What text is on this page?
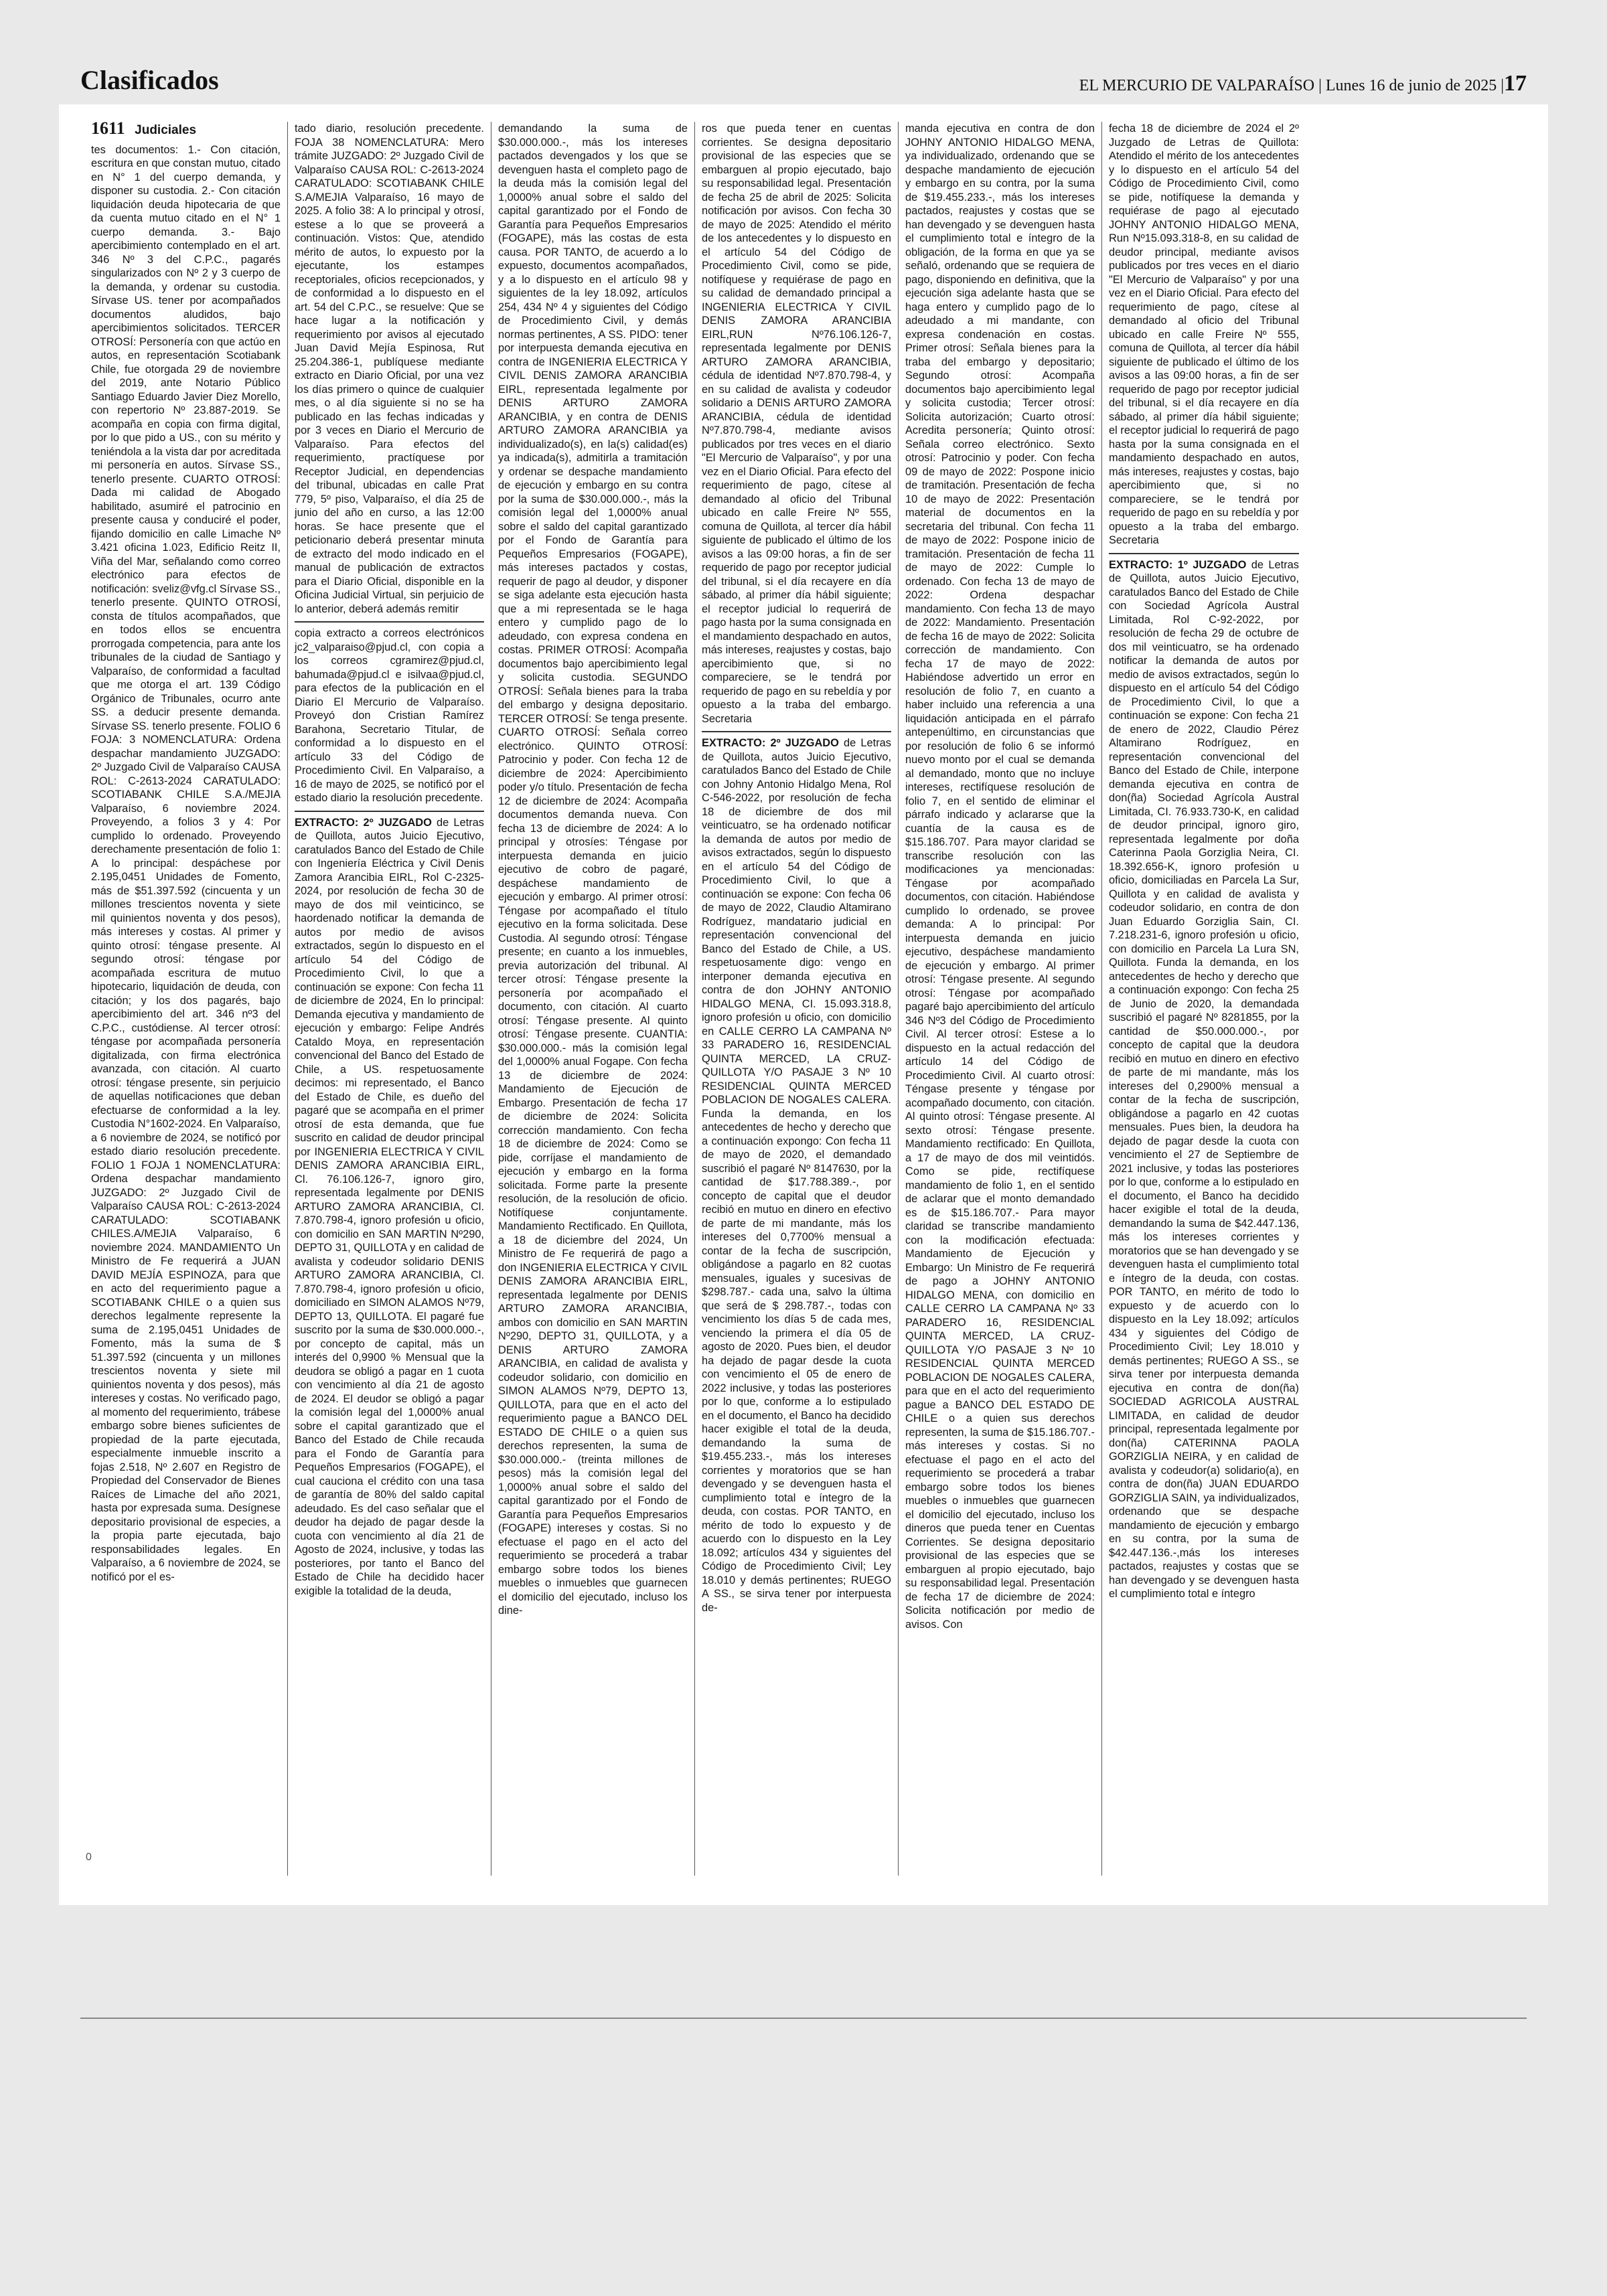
Clasificados	EL MERCURIO DE VALPARAÍSO | Lunes 16 de junio de 2025 |17
1611 Judiciales

tes documentos: 1.- Con citación, escritura en que constan mutuo, citado en N° 1 del cuerpo demanda, y disponer su custodia. 2.- Con citación liquidación deuda hipotecaria de que da cuenta mutuo citado en el N° 1 cuerpo demanda. 3.- Bajo apercibimiento contemplado en el art. 346 Nº 3 del C.P.C., pagarés singularizados con Nº 2 y 3 cuerpo de la demanda, y ordenar su custodia. Sírvase US. tener por acompañados documentos aludidos, bajo apercibimientos solicitados. TERCER OTROSÍ: Personería con que actúo en autos, en representación Scotiabank Chile, fue otorgada 29 de noviembre del 2019, ante Notario Público Santiago Eduardo Javier Diez Morello, con repertorio Nº 23.887-2019. Se acompaña en copia con firma digital, por lo que pido a US., con su mérito y teniéndola a la vista dar por acreditada mi personería en autos. Sírvase SS., tenerlo presente. CUARTO OTROSÍ: Dada mi calidad de Abogado habilitado, asumiré el patrocinio en presente causa y conduciré el poder, fijando domicilio en calle Limache Nº 3.421 oficina 1.023, Edificio Reitz II, Viña del Mar, señalando como correo electrónico para efectos de notificación: sveliz@vfg.cl Sírvase SS., tenerlo presente. QUINTO OTROSÍ, consta de títulos acompañados, que en todos ellos se encuentra prorrogada competencia, para ante los tribunales de la ciudad de Santiago y Valparaíso, de conformidad a facultad que me otorga el art. 139 Código Orgánico de Tribunales, ocurro ante SS. a deducir presente demanda. Sírvase SS. tenerlo presente. FOLIO 6 FOJA: 3 NOMENCLATURA: Ordena despachar mandamiento JUZGADO: 2º Juzgado Civil de Valparaíso CAUSA ROL: C-2613-2024 CARATULADO: SCOTIABANK CHILE S.A./MEJIA Valparaíso, 6 noviembre 2024. Proveyendo, a folios 3 y 4: Por cumplido lo ordenado. Proveyendo derechamente presentación de folio 1: A lo principal: despáchese por 2.195,0451 Unidades de Fomento, más de $51.397.592 (cincuenta y un millones trescientos noventa y siete mil quinientos noventa y dos pesos), más intereses y costas. Al primer y quinto otrosí: téngase presente. Al segundo otrosí: téngase por acompañada escritura de mutuo hipotecario, liquidación de deuda, con citación; y los dos pagarés, bajo apercibimiento del art. 346 nº3 del C.P.C., custódiense. Al tercer otrosí: téngase por acompañada personería digitalizada, con firma electrónica avanzada, con citación. Al cuarto otrosí: téngase presente, sin perjuicio de aquellas notificaciones que deban efectuarse de conformidad a la ley. Custodia N°1602-2024. En Valparaíso, a 6 noviembre de 2024, se notificó por estado diario resolución precedente. FOLIO 1 FOJA 1 NOMENCLATURA: Ordena despachar mandamiento JUZGADO: 2º Juzgado Civil de Valparaíso CAUSA ROL: C-2613-2024 CARATULADO: SCOTIABANK CHILES.A/MEJIA Valparaíso, 6 noviembre 2024. MANDAMIENTO Un Ministro de Fe requerirá a JUAN DAVID MEJÍA ESPINOZA, para que en acto del requerimiento pague a SCOTIABANK CHILE o a quien sus derechos legalmente represente la suma de 2.195,0451 Unidades de Fomento, más la suma de $ 51.397.592 (cincuenta y un millones trescientos noventa y siete mil quinientos noventa y dos pesos), más intereses y costas. No verificado pago, al momento del requerimiento, trábese embargo sobre bienes suficientes de propiedad de la parte ejecutada, especialmente inmueble inscrito a fojas 2.518, Nº 2.607 en Registro de Propiedad del Conservador de Bienes Raíces de Limache del año 2021, hasta por expresada suma. Desígnese depositario provisional de especies, a la propia parte ejecutada, bajo responsabilidades legales. En Valparaíso, a 6 noviembre de 2024, se notificó por el es-

tado diario, resolución precedente. FOJA 38 NOMENCLATURA: Mero trámite JUZGADO: 2º Juzgado Civil de Valparaíso CAUSA ROL: C-2613-2024 CARATULADO: SCOTIABANK CHILE S.A/MEJIA Valparaíso, 16 mayo de 2025. A folio 38: A lo principal y otrosí, estese a lo que se proveerá a continuación. Vistos: Que, atendido mérito de autos, lo expuesto por la ejecutante, los estampes receptoriales, oficios recepcionados, y de conformidad a lo dispuesto en el art. 54 del C.P.C., se resuelve: Que se hace lugar a la notificación y requerimiento por avisos al ejecutado Juan David Mejía Espinosa, Rut 25.204.386-1, publíquese mediante extracto en Diario Oficial, por una vez los días primero o quince de cualquier mes, o al día siguiente si no se ha publicado en las fechas indicadas y por 3 veces en Diario el Mercurio de Valparaíso. Para efectos del requerimiento, practíquese por Receptor Judicial, en dependencias del tribunal, ubicadas en calle Prat 779, 5º piso, Valparaíso, el día 25 de junio del año en curso, a las 12:00 horas. Se hace presente que el peticionario deberá presentar minuta de extracto del modo indicado en el manual de publicación de extractos para el Diario Oficial, disponible en la Oficina Judicial Virtual, sin perjuicio de lo anterior, deberá además remitir

copia extracto a correos electrónicos jc2_valparaiso@pjud.cl, con copia a los correos cgramirez@pjud.cl, bahumada@pjud.cl e isilvaa@pjud.cl, para efectos de la publicación en el Diario El Mercurio de Valparaíso. Proveyó don Cristian Ramírez Barahona, Secretario Titular, de conformidad a lo dispuesto en el artículo 33 del Código de Procedimiento Civil. En Valparaíso, a 16 de mayo de 2025, se notificó por el estado diario la resolución precedente.

EXTRACTO: 2º JUZGADO de Letras de Quillota, autos Juicio Ejecutivo, caratulados Banco del Estado de Chile con Ingeniería Eléctrica y Civil Denis Zamora Arancibia EIRL, Rol C-2325-2024, por resolución de fecha 30 de mayo de dos mil veinticinco, se haordenado notificar la demanda de autos por medio de avisos extractados, según lo dispuesto en el artículo 54 del Código de Procedimiento Civil, lo que a continuación se expone: Con fecha 11 de diciembre de 2024, En lo principal: Demanda ejecutiva y mandamiento de ejecución y embargo: Felipe Andrés Cataldo Moya, en representación convencional del Banco del Estado de Chile, a US. respetuosamente decimos: mi representado, el Banco del Estado de Chile, es dueño del pagaré que se acompaña en el primer otrosí de esta demanda, que fue suscrito en calidad de deudor principal por INGENIERIA ELECTRICA Y CIVIL DENIS ZAMORA ARANCIBIA EIRL, Cl. 76.106.126-7, ignoro giro, representada legalmente por DENIS ARTURO ZAMORA ARANCIBIA, Cl. 7.870.798-4, ignoro profesión u oficio, con domicilio en SAN MARTIN Nº290, DEPTO 31, QUILLOTA y en calidad de avalista y codeudor solidario DENIS ARTURO ZAMORA ARANCIBIA, Cl. 7.870.798-4, ignoro profesión u oficio, domiciliado en SIMON ALAMOS Nº79, DEPTO 13, QUILLOTA. El pagaré fue suscrito por la suma de $30.000.000.-, por concepto de capital, más un interés del 0,9900 % Mensual que la deudora se obligó a pagar en 1 cuota con vencimiento al día 21 de agosto de 2024. El deudor se obligó a pagar la comisión legal del 1,0000% anual sobre el capital garantizado que el Banco del Estado de Chile recauda para el Fondo de Garantía para Pequeños Empresarios (FOGAPE), el cual cauciona el crédito con una tasa de garantía de 80% del saldo capital adeudado. Es del caso señalar que el deudor ha dejado de pagar desde la cuota con vencimiento al día 21 de Agosto de 2024, inclusive, y todas las posteriores, por tanto el Banco del Estado de Chile ha decidido hacer exigible la totalidad de la deuda,

demandando la suma de $30.000.000.-, más los intereses pactados devengados y los que se devenguen hasta el completo pago de la deuda más la comisión legal del 1,0000% anual sobre el saldo del capital garantizado por el Fondo de Garantía para Pequeños Empresarios (FOGAPE), más las costas de esta causa. POR TANTO, de acuerdo a lo expuesto, documentos acompañados, y a lo dispuesto en el artículo 98 y siguientes de la ley 18.092, artículos 254, 434 Nº 4 y siguientes del Código de Procedimiento Civil, y demás normas pertinentes, A SS. PIDO: tener por interpuesta demanda ejecutiva en contra de INGENIERIA ELECTRICA Y CIVIL DENIS ZAMORA ARANCIBIA EIRL, representada legalmente por DENIS ARTURO ZAMORA ARANCIBIA, y en contra de DENIS ARTURO ZAMORA ARANCIBIA ya individualizado(s), en la(s) calidad(es) ya indicada(s), admitirla a tramitación y ordenar se despache mandamiento de ejecución y embargo en su contra por la suma de $30.000.000.-, más la comisión legal del 1,0000% anual sobre el saldo del capital garantizado por el Fondo de Garantía para Pequeños Empresarios (FOGAPE), más intereses pactados y costas, requerir de pago al deudor, y disponer se siga adelante esta ejecución hasta que a mi representada se le haga entero y cumplido pago de lo adeudado, con expresa condena en costas. PRIMER OTROSÍ: Acompaña documentos bajo apercibimiento legal y solicita custodia. SEGUNDO OTROSÍ: Señala bienes para la traba del embargo y designa depositario. TERCER OTROSÍ: Se tenga presente. CUARTO OTROSÍ: Señala correo electrónico. QUINTO OTROSÍ: Patrocinio y poder. Con fecha 12 de diciembre de 2024: Apercibimiento poder y/o título. Presentación de fecha 12 de diciembre de 2024: Acompaña documentos demanda nueva. Con fecha 13 de diciembre de 2024: A lo principal y otrosíes: Téngase por interpuesta demanda en juicio ejecutivo de cobro de pagaré, despáchese mandamiento de ejecución y embargo. Al primer otrosí: Téngase por acompañado el título ejecutivo en la forma solicitada. Dese Custodia. Al segundo otrosí: Téngase presente; en cuanto a los inmuebles, previa autorización del tribunal. Al tercer otrosí: Téngase presente la personería por acompañado el documento, con citación. Al cuarto otrosí: Téngase presente. Al quinto otrosí: Téngase presente. CUANTIA: $30.000.000.- más la comisión legal del 1,0000% anual Fogape. Con fecha 13 de diciembre de 2024: Mandamiento de Ejecución de Embargo. Presentación de fecha 17 de diciembre de 2024: Solicita corrección mandamiento. Con fecha 18 de diciembre de 2024: Como se pide, corríjase el mandamiento de ejecución y embargo en la forma solicitada. Forme parte la presente resolución, de la resolución de oficio. Notifíquese conjuntamente. Mandamiento Rectificado. En Quillota, a 18 de diciembre del 2024, Un Ministro de Fe requerirá de pago a don INGENIERIA ELECTRICA Y CIVIL DENIS ZAMORA ARANCIBIA EIRL, representada legalmente por DENIS ARTURO ZAMORA ARANCIBIA, ambos con domicilio en SAN MARTIN Nº290, DEPTO 31, QUILLOTA, y a DENIS ARTURO ZAMORA ARANCIBIA, en calidad de avalista y codeudor solidario, con domicilio en SIMON ALAMOS Nº79, DEPTO 13, QUILLOTA, para que en el acto del requerimiento pague a BANCO DEL ESTADO DE CHILE o a quien sus derechos representen, la suma de $30.000.000.- (treinta millones de pesos) más la comisión legal del 1,0000% anual sobre el saldo del capital garantizado por el Fondo de Garantía para Pequeños Empresarios (FOGAPE) intereses y costas. Si no efectuase el pago en el acto del requerimiento se procederá a trabar embargo sobre todos los bienes muebles o inmuebles que guarnecen el domicilio del ejecutado, incluso los dine-

ros que pueda tener en cuentas corrientes. Se designa depositario provisional de las especies que se embarguen al propio ejecutado, bajo su responsabilidad legal. Presentación de fecha 25 de abril de 2025: Solicita notificación por avisos. Con fecha 30 de mayo de 2025: Atendido el mérito de los antecedentes y lo dispuesto en el artículo 54 del Código de Procedimiento Civil, como se pide, notifíquese y requiérase de pago en su calidad de demandado principal a INGENIERIA ELECTRICA Y CIVIL DENIS ZAMORA ARANCIBIA EIRL,RUN Nº76.106.126-7, representada legalmente por DENIS ARTURO ZAMORA ARANCIBIA, cédula de identidad Nº7.870.798-4, y en su calidad de avalista y codeudor solidario a DENIS ARTURO ZAMORA ARANCIBIA, cédula de identidad Nº7.870.798-4, mediante avisos publicados por tres veces en el diario "El Mercurio de Valparaíso", y por una vez en el Diario Oficial. Para efecto del requerimiento de pago, cítese al demandado al oficio del Tribunal ubicado en calle Freire Nº 555, comuna de Quillota, al tercer día hábil siguiente de publicado el último de los avisos a las 09:00 horas, a fin de ser requerido de pago por receptor judicial del tribunal, si el día recayere en día sábado, al primer día hábil siguiente; el receptor judicial lo requerirá de pago hasta por la suma consignada en el mandamiento despachado en autos, más intereses, reajustes y costas, bajo apercibimiento que, si no compareciere, se le tendrá por requerido de pago en su rebeldía y por opuesto a la traba del embargo. Secretaria

EXTRACTO: 2º JUZGADO de Letras de Quillota, autos Juicio Ejecutivo, caratulados Banco del Estado de Chile con Johny Antonio Hidalgo Mena, Rol C-546-2022, por resolución de fecha 18 de diciembre de dos mil veinticuatro, se ha ordenado notificar la demanda de autos por medio de avisos extractados, según lo dispuesto en el artículo 54 del Código de Procedimiento Civil, lo que a continuación se expone: Con fecha 06 de mayo de 2022, Claudio Altamirano Rodríguez, mandatario judicial en representación convencional del Banco del Estado de Chile, a US. respetuosamente digo: vengo en interponer demanda ejecutiva en contra de don JOHNY ANTONIO HIDALGO MENA, CI. 15.093.318.8, ignoro profesión u oficio, con domicilio en CALLE CERRO LA CAMPANA Nº 33 PARADERO 16, RESIDENCIAL QUINTA MERCED, LA CRUZ- QUILLOTA Y/O PASAJE 3 Nº 10 RESIDENCIAL QUINTA MERCED POBLACION DE NOGALES CALERA. Funda la demanda, en los antecedentes de hecho y derecho que a continuación expongo: Con fecha 11 de mayo de 2020, el demandado suscribió el pagaré Nº 8147630, por la cantidad de $17.788.389.-, por concepto de capital que el deudor recibió en mutuo en dinero en efectivo de parte de mi mandante, más los intereses del 0,7700% mensual a contar de la fecha de suscripción, obligándose a pagarlo en 82 cuotas mensuales, iguales y sucesivas de $298.787.- cada una, salvo la última que será de $ 298.787.-, todas con vencimiento los días 5 de cada mes, venciendo la primera el día 05 de agosto de 2020. Pues bien, el deudor ha dejado de pagar desde la cuota con vencimiento el 05 de enero de 2022 inclusive, y todas las posteriores por lo que, conforme a lo estipulado en el documento, el Banco ha decidido hacer exigible el total de la deuda, demandando la suma de $19.455.233.-, más los intereses corrientes y moratorios que se han devengado y se devenguen hasta el cumplimiento total e íntegro de la deuda, con costas. POR TANTO, en mérito de todo lo expuesto y de acuerdo con lo dispuesto en la Ley 18.092; artículos 434 y siguientes del Código de Procedimiento Civil; Ley 18.010 y demás pertinentes; RUEGO A SS., se sirva tener por interpuesta de-

manda ejecutiva en contra de don JOHNY ANTONIO HIDALGO MENA, ya individualizado, ordenando que se despache mandamiento de ejecución y embargo en su contra, por la suma de $19.455.233.-, más los intereses pactados, reajustes y costas que se han devengado y se devenguen hasta el cumplimiento total e íntegro de la obligación, de la forma en que ya se señaló, ordenando que se requiera de pago, disponiendo en definitiva, que la ejecución siga adelante hasta que se haga entero y cumplido pago de lo adeudado a mi mandante, con expresa condenación en costas. Primer otrosí: Señala bienes para la traba del embargo y depositario; Segundo otrosí: Acompaña documentos bajo apercibimiento legal y solicita custodia; Tercer otrosí: Solicita autorización; Cuarto otrosí: Acredita personería; Quinto otrosí: Señala correo electrónico. Sexto otrosí: Patrocinio y poder. Con fecha 09 de mayo de 2022: Pospone inicio de tramitación. Presentación de fecha 10 de mayo de 2022: Presentación material de documentos en la secretaria del tribunal. Con fecha 11 de mayo de 2022: Pospone inicio de tramitación. Presentación de fecha 11 de mayo de 2022: Cumple lo ordenado. Con fecha 13 de mayo de 2022: Ordena despachar mandamiento. Con fecha 13 de mayo de 2022: Mandamiento. Presentación de fecha 16 de mayo de 2022: Solicita corrección de mandamiento. Con fecha 17 de mayo de 2022: Habiéndose advertido un error en resolución de folio 7, en cuanto a haber incluido una referencia a una liquidación anticipada en el párrafo antepenúltimo, en circunstancias que por resolución de folio 6 se informó nuevo monto por el cual se demanda al demandado, monto que no incluye intereses, rectifíquese resolución de folio 7, en el sentido de eliminar el párrafo indicado y aclararse que la cuantía de la causa es de $15.186.707. Para mayor claridad se transcribe resolución con las modificaciones ya mencionadas: Téngase por acompañado documentos, con citación. Habiéndose cumplido lo ordenado, se provee demanda: A lo principal: Por interpuesta demanda en juicio ejecutivo, despáchese mandamiento de ejecución y embargo. Al primer otrosí: Téngase presente. Al segundo otrosí: Téngase por acompañado pagaré bajo apercibimiento del artículo 346 Nº3 del Código de Procedimiento Civil. Al tercer otrosí: Estese a lo dispuesto en la actual redacción del artículo 14 del Código de Procedimiento Civil. Al cuarto otrosí: Téngase presente y téngase por acompañado documento, con citación. Al quinto otrosí: Téngase presente. Al sexto otrosí: Téngase presente. Mandamiento rectificado: En Quillota, a 17 de mayo de dos mil veintidós. Como se pide, rectifíquese mandamiento de folio 1, en el sentido de aclarar que el monto demandado es de $15.186.707.- Para mayor claridad se transcribe mandamiento con la modificación efectuada: Mandamiento de Ejecución y Embargo: Un Ministro de Fe requerirá de pago a JOHNY ANTONIO HIDALGO MENA, con domicilio en CALLE CERRO LA CAMPANA Nº 33 PARADERO 16, RESIDENCIAL QUINTA MERCED, LA CRUZ- QUILLOTA Y/O PASAJE 3 Nº 10 RESIDENCIAL QUINTA MERCED POBLACION DE NOGALES CALERA, para que en el acto del requerimiento pague a BANCO DEL ESTADO DE CHILE o a quien sus derechos representen, la suma de $15.186.707.- más intereses y costas. Si no efectuase el pago en el acto del requerimiento se procederá a trabar embargo sobre todos los bienes muebles o inmuebles que guarnecen el domicilio del ejecutado, incluso los dineros que pueda tener en Cuentas Corrientes. Se designa depositario provisional de las especies que se embarguen al propio ejecutado, bajo su responsabilidad legal. Presentación de fecha 17 de diciembre de 2024: Solicita notificación por medio de avisos. Con

fecha 18 de diciembre de 2024 el 2º Juzgado de Letras de Quillota: Atendido el mérito de los antecedentes y lo dispuesto en el artículo 54 del Código de Procedimiento Civil, como se pide, notifíquese la demanda y requiérase de pago al ejecutado JOHNY ANTONIO HIDALGO MENA, Run Nº15.093.318-8, en su calidad de deudor principal, mediante avisos publicados por tres veces en el diario "El Mercurio de Valparaíso" y por una vez en el Diario Oficial. Para efecto del requerimiento de pago, cítese al demandado al oficio del Tribunal ubicado en calle Freire Nº 555, comuna de Quillota, al tercer día hábil siguiente de publicado el último de los avisos a las 09:00 horas, a fin de ser requerido de pago por receptor judicial del tribunal, si el día recayere en día sábado, al primer día hábil siguiente; el receptor judicial lo requerirá de pago hasta por la suma consignada en el mandamiento despachado en autos, más intereses, reajustes y costas, bajo apercibimiento que, si no compareciere, se le tendrá por requerido de pago en su rebeldía y por opuesto a la traba del embargo. Secretaria

EXTRACTO: 1º JUZGADO de Letras de Quillota, autos Juicio Ejecutivo, caratulados Banco del Estado de Chile con Sociedad Agrícola Austral Limitada, Rol C-92-2022, por resolución de fecha 29 de octubre de dos mil veinticuatro, se ha ordenado notificar la demanda de autos por medio de avisos extractados, según lo dispuesto en el artículo 54 del Código de Procedimiento Civil, lo que a continuación se expone: Con fecha 21 de enero de 2022, Claudio Pérez Altamirano Rodríguez, en representación convencional del Banco del Estado de Chile, interpone demanda ejecutiva en contra de don(ña) Sociedad Agrícola Austral Limitada, CI. 76.933.730-K, en calidad de deudor principal, ignoro giro, representada legalmente por doña Caterinna Paola Gorziglia Neira, CI. 18.392.656-K, ignoro profesión u oficio, domiciliadas en Parcela La Sur, Quillota y en calidad de avalista y codeudor solidario, en contra de don Juan Eduardo Gorziglia Sain, CI. 7.218.231-6, ignoro profesión u oficio, con domicilio en Parcela La Lura SN, Quillota. Funda la demanda, en los antecedentes de hecho y derecho que a continuación expongo: Con fecha 25 de Junio de 2020, la demandada suscribió el pagaré Nº 8281855, por la cantidad de $50.000.000.-, por concepto de capital que la deudora recibió en mutuo en dinero en efectivo de parte de mi mandante, más los intereses del 0,2900% mensual a contar de la fecha de suscripción, obligándose a pagarlo en 42 cuotas mensuales. Pues bien, la deudora ha dejado de pagar desde la cuota con vencimiento el 27 de Septiembre de 2021 inclusive, y todas las posteriores por lo que, conforme a lo estipulado en el documento, el Banco ha decidido hacer exigible el total de la deuda, demandando la suma de $42.447.136, más los intereses corrientes y moratorios que se han devengado y se devenguen hasta el cumplimiento total e íntegro de la deuda, con costas. POR TANTO, en mérito de todo lo expuesto y de acuerdo con lo dispuesto en la Ley 18.092; artículos 434 y siguientes del Código de Procedimiento Civil; Ley 18.010 y demás pertinentes; RUEGO A SS., se sirva tener por interpuesta demanda ejecutiva en contra de don(ña) SOCIEDAD AGRICOLA AUSTRAL LIMITADA, en calidad de deudor principal, representada legalmente por don(ña) CATERINNA PAOLA GORZIGLIA NEIRA, y en calidad de avalista y codeudor(a) solidario(a), en contra de don(ña) JUAN EDUARDO GORZIGLIA SAIN, ya individualizados, ordenando que se despache mandamiento de ejecución y embargo en su contra, por la suma de $42.447.136.-,más los intereses pactados, reajustes y costas que se han devengado y se devenguen hasta el cumplimiento total e íntegro

0
